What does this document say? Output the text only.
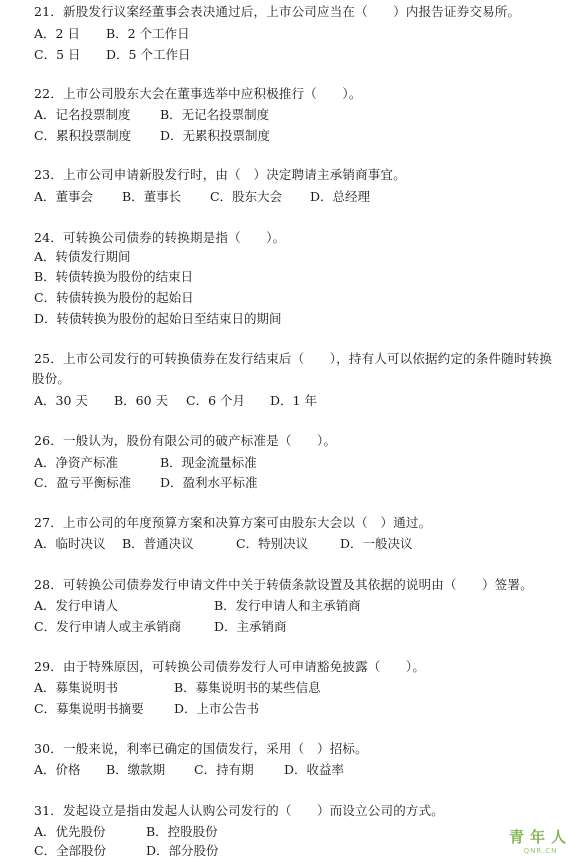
21．新股发行议案经董事会表决通过后，上市公司应当在（　　）内报告证券交易所。
A．2 日 B．2 个工作日
C．5 日 D．5 个工作日
22．上市公司股东大会在董事选举中应积极推行（　　）。
A．记名投票制度 B．无记名投票制度
C．累积投票制度 D．无累积投票制度
23．上市公司申请新股发行时，由（　）决定聘请主承销商事宜。
A．董事会 B．董事长 C．股东大会 D．总经理
24．可转换公司债券的转换期是指（　　）。
A．转债发行期间
B．转债转换为股份的结束日
C．转债转换为股份的起始日
D．转债转换为股份的起始日至结束日的期间
25．上市公司发行的可转换债券在发行结束后（　　），持有人可以依据约定的条件随时转换
股份。
A．30 天 B．60 天 C．6 个月 D．1 年
26．一般认为，股份有限公司的破产标准是（　　）。
A．净资产标准	B．现金流量标准
C．盈亏平衡标准 D．盈利水平标准
27．上市公司的年度预算方案和决算方案可由股东大会以（　）通过。
A．临时决议 B．普通决议	C．特别决议	D．一般决议
28．可转换公司债券发行申请文件中关于转债条款设置及其依据的说明由（　　）签署。
A．发行申请人	B．发行申请人和主承销商
C．发行申请人或主承销商	D．主承销商
29．由于特殊原因，可转换公司债券发行人可申请豁免披露（　　）。
A．募集说明书	B．募集说明书的某些信息
C．募集说明书摘要 D．上市公告书
30．一般来说，利率已确定的国债发行，采用（　）招标。
A．价格 B．缴款期 C．持有期 D．收益率
31．发起设立是指由发起人认购公司发行的（　　）而设立公司的方式。
A．优先股份	B．控股股份
C．全部股份	D．部分股份
青年人
QNR.CN
